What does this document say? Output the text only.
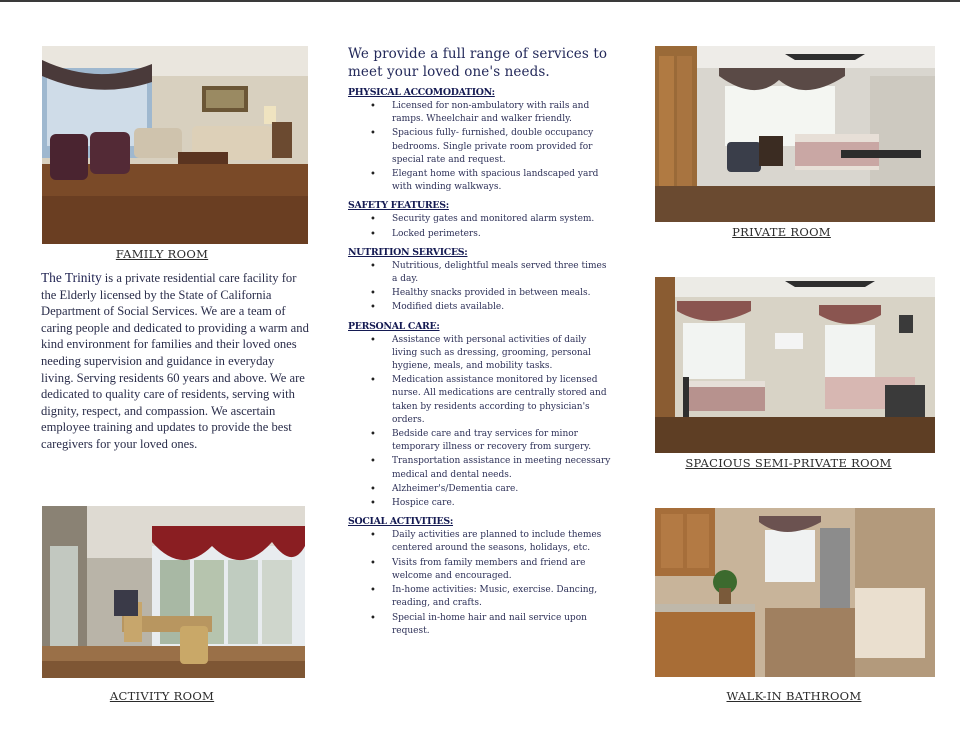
FAMILY ROOM
The Trinity is a private residential care facility for the Elderly licensed by the State of California Department of Social Services. We are a team of caring people and dedicated to providing a warm and kind environment for families and their loved ones needing supervision and guidance in everyday living. Serving residents 60 years and above. We are dedicated to quality care of residents, serving with dignity, respect, and compassion. We ascertain employee training and updates to provide the best caregivers for your loved ones.
ACTIVITY ROOM
We provide a full range of services to meet your loved one's needs.
PHYSICAL ACCOMODATION:
• Licensed for non-ambulatory with rails and ramps. Wheelchair and walker friendly.
• Spacious fully- furnished, double occupancy bedrooms. Single private room provided for special rate and request.
• Elegant home with spacious landscaped yard with winding walkways.
SAFETY FEATURES:
• Security gates and monitored alarm system.
• Locked perimeters.
NUTRITION SERVICES:
• Nutritious, delightful meals served three times a day.
• Healthy snacks provided in between meals.
• Modified diets available.
PERSONAL CARE:
• Assistance with personal activities of daily living such as dressing, grooming, personal hygiene, meals, and mobility tasks.
• Medication assistance monitored by licensed nurse. All medications are centrally stored and taken by residents according to physician's orders.
• Bedside care and tray services for minor temporary illness or recovery from surgery.
• Transportation assistance in meeting necessary medical and dental needs.
• Alzheimer's/Dementia care.
• Hospice care.
SOCIAL ACTIVITIES:
• Daily activities are planned to include themes centered around the seasons, holidays, etc.
• Visits from family members and friend are welcome and encouraged.
• In-home activities: Music, exercise. Dancing, reading, and crafts.
• Special in-home hair and nail service upon request.
PRIVATE ROOM
SPACIOUS SEMI-PRIVATE ROOM
WALK-IN BATHROOM
